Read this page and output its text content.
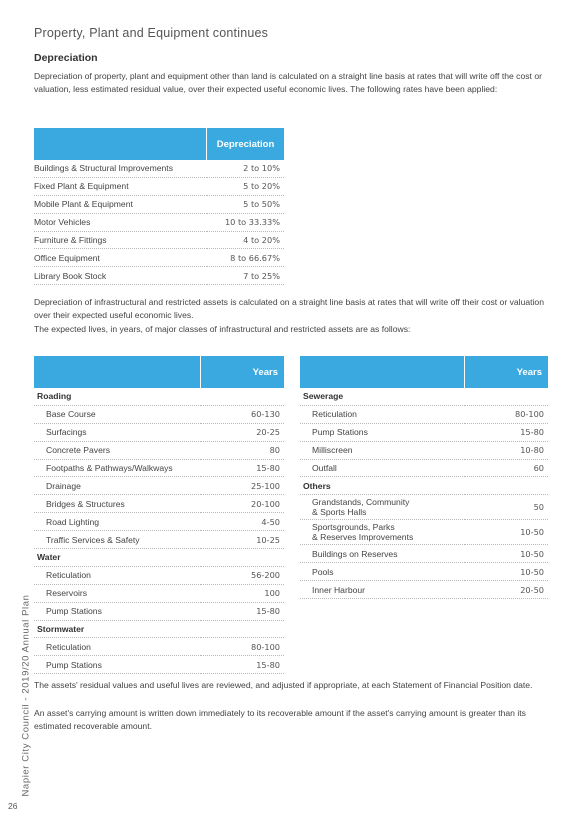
Property, Plant and Equipment continues
Depreciation
Depreciation of property, plant and equipment other than land is calculated on a straight line basis at rates that will write off the cost or valuation, less estimated residual value, over their expected useful economic lives. The following rates have been applied:
	Depreciation
Buildings & Structural Improvements	2 to 10%
Fixed Plant & Equipment	5 to 20%
Mobile Plant & Equipment	5 to 50%
Motor Vehicles	10 to 33.33%
Furniture & Fittings	4 to 20%
Office Equipment	8 to 66.67%
Library Book Stock	7 to 25%
Depreciation of infrastructural and restricted assets is calculated on a straight line basis at rates that will write off their cost or valuation over their expected useful economic lives.
The expected lives, in years, of major classes of infrastructural and restricted assets are as follows:
	Years
Roading	
Base Course	60-130
Surfacings	20-25
Concrete Pavers	80
Footpaths & Pathways/Walkways	15-80
Drainage	25-100
Bridges & Structures	20-100
Road Lighting	4-50
Traffic Services & Safety	10-25
Water	
Reticulation	56-200
Reservoirs	100
Pump Stations	15-80
Stormwater	
Reticulation	80-100
Pump Stations	15-80
	Years
Sewerage	
Reticulation	80-100
Pump Stations	15-80
Milliscreen	10-80
Outfall	60
Others	
Grandstands, Community
& Sports Halls	50
Sportsgrounds, Parks
& Reserves Improvements	10-50
Buildings on Reserves	10-50
Pools	10-50
Inner Harbour	20-50
The assets' residual values and useful lives are reviewed, and adjusted if appropriate, at each Statement of Financial Position date.
An asset's carrying amount is written down immediately to its recoverable amount if the asset's carrying amount is greater than its estimated recoverable amount.
Napier City Council - 2019/20 Annual Plan
26
